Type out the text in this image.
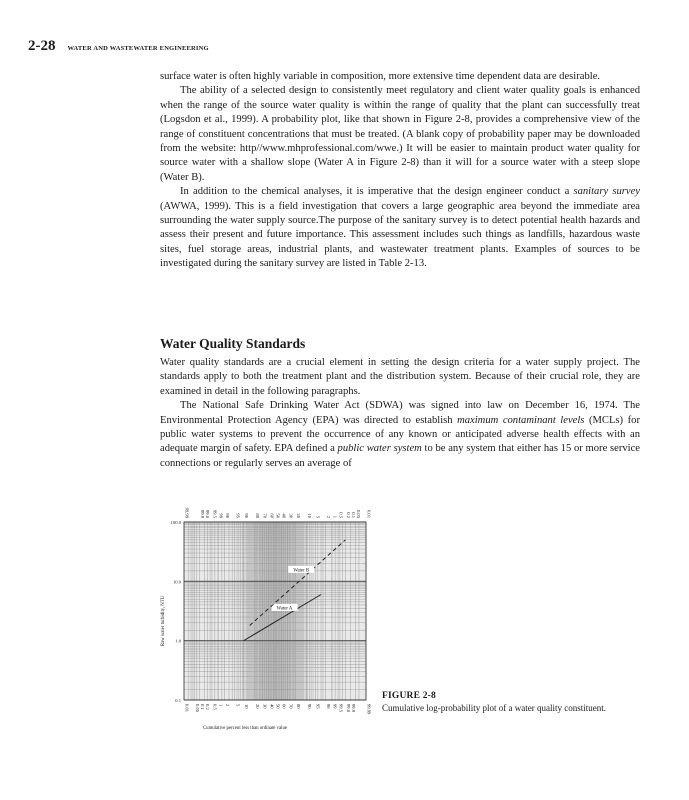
2-28 WATER AND WASTEWATER ENGINEERING

surface water is often highly variable in composition, more extensive time dependent data are desirable.

The ability of a selected design to consistently meet regulatory and client water quality goals is enhanced when the range of the source water quality is within the range of quality that the plant can successfully treat (Logsdon et al., 1999). A probability plot, like that shown in Figure 2-8, provides a comprehensive view of the range of constituent concentrations that must be treated. (A blank copy of probability paper may be downloaded from the website: http//www.mhprofessional.com/wwe.) It will be easier to maintain product water quality for source water with a shallow slope (Water A in Figure 2-8) than it will for a source water with a steep slope (Water B).

In addition to the chemical analyses, it is imperative that the design engineer conduct a sanitary survey (AWWA, 1999). This is a field investigation that covers a large geographic area beyond the immediate area surrounding the water supply source.The purpose of the sanitary survey is to detect potential health hazards and assess their present and future importance. This assessment includes such things as landfills, hazardous waste sites, fuel storage areas, industrial plants, and wastewater treatment plants. Examples of sources to be investigated during the sanitary survey are listed in Table 2-13.

Water Quality Standards

Water quality standards are a crucial element in setting the design criteria for a water supply project. The standards apply to both the treatment plant and the distribution system. Because of their crucial role, they are examined in detail in the following paragraphs.

The National Safe Drinking Water Act (SDWA) was signed into law on December 16, 1974. The Environmental Protection Agency (EPA) was directed to establish maximum contaminant levels (MCLs) for public water systems to prevent the occurrence of any known or anticipated adverse health effects with an adequate margin of safety. EPA defined a public water system to be any system that either has 15 or more service connections or regularly serves an average of

100.0
10.0
1.0
0.1
0.01 0.05 0.1 0.2 0.5 1 2 5 10 20 30 40 50 60 70 80 90 95 98 99 99.5 99.8 99.9 99.99
99.99 99.9 99.8 99.5 99 98 95 90 80 70 60 50 40 30 20 10 5 2 1 0.5 0.2 0.1 0.05 0.01
Cumulative percent less than ordinate value
Raw water turbidity, NTU	Water A
Water B
FIGURE 2-8
Cumulative log-probability plot of a water quality constituent.
